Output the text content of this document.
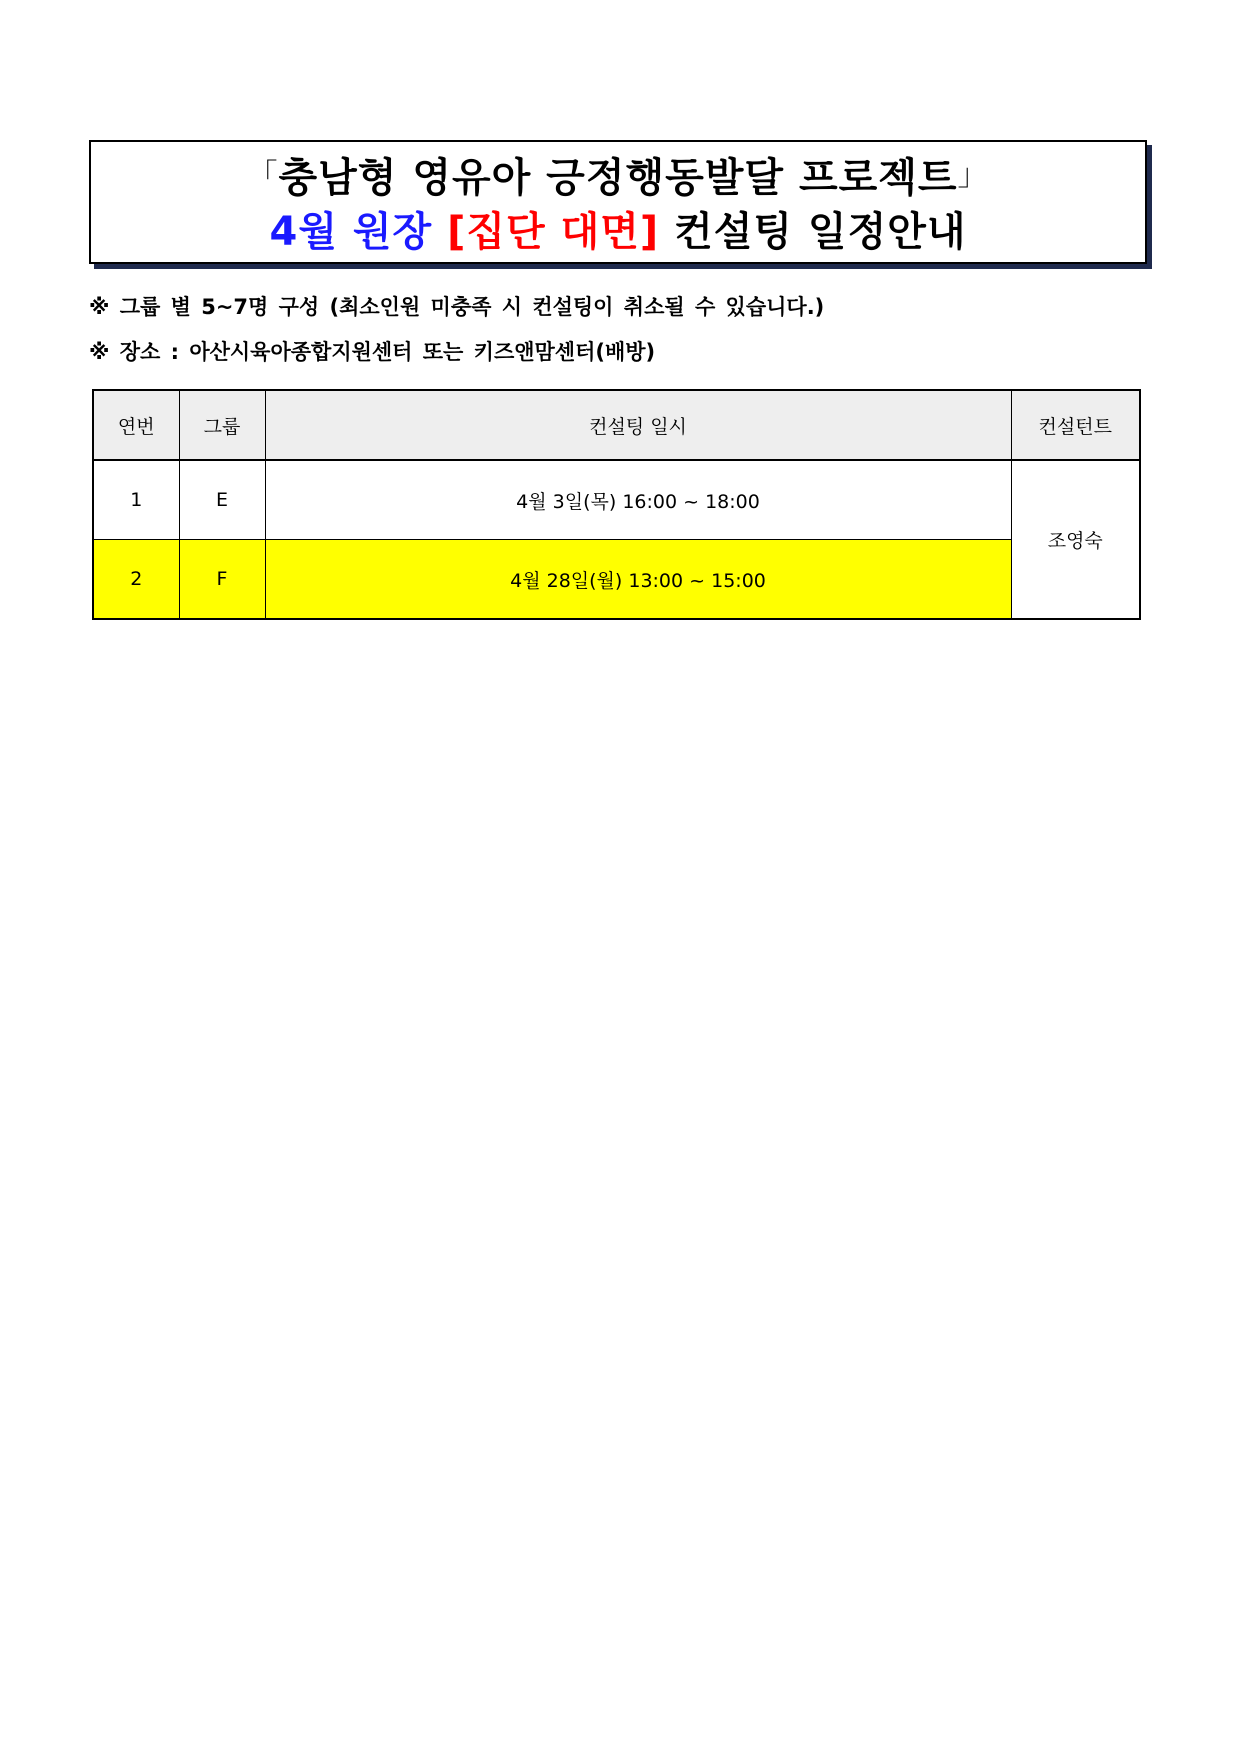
「충남형 영유아 긍정행동발달 프로젝트」
4월 원장 [집단 대면] 컨설팅 일정안내
※ 그룹 별 5~7명 구성 (최소인원 미충족 시 컨설팅이 취소될 수 있습니다.)
※ 장소 : 아산시육아종합지원센터 또는 키즈앤맘센터(배방)
연번	그룹	컨설팅 일시	컨설턴트
1	E	4월 3일(목) 16:00 ~ 18:00	조영숙
2	F	4월 28일(월) 13:00 ~ 15:00	
